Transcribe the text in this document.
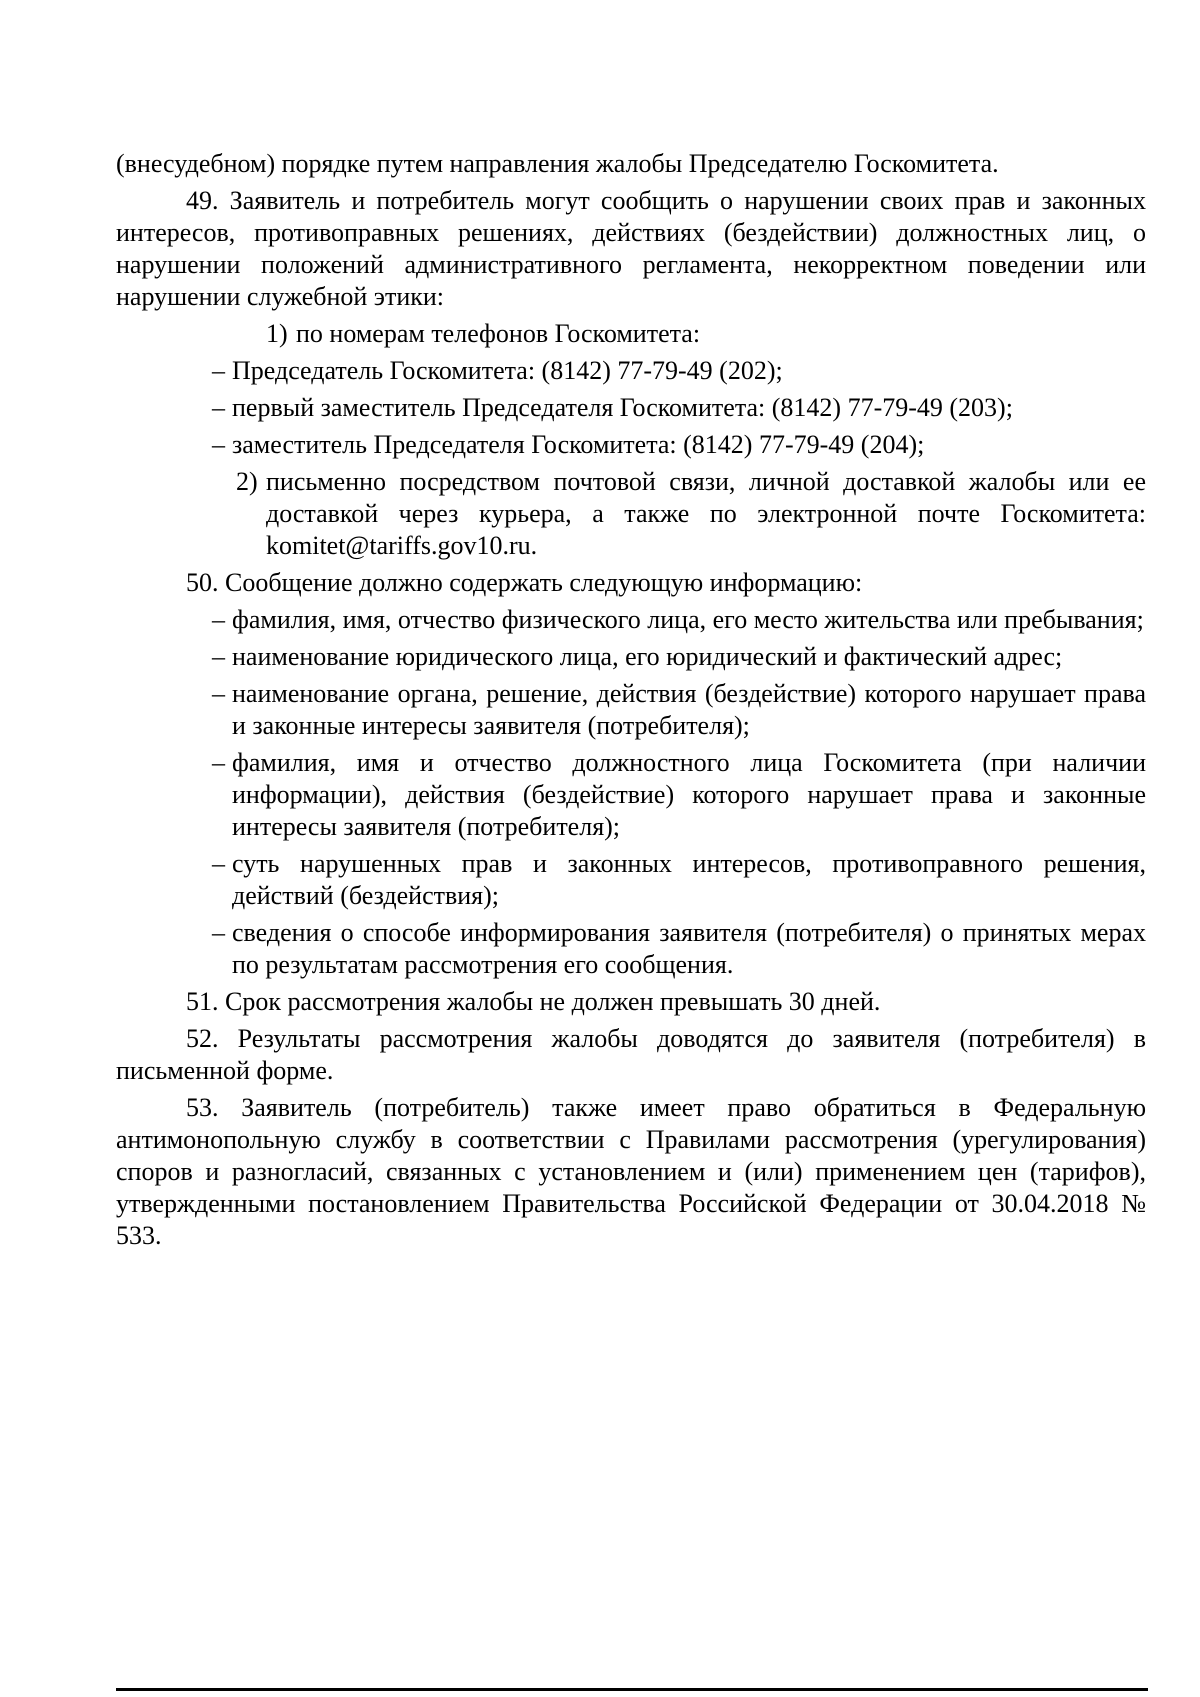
(внесудебном) порядке путем направления жалобы Председателю Госкомитета.

49. Заявитель и потребитель могут сообщить о нарушении своих прав и законных интересов, противоправных решениях, действиях (бездействии) должностных лиц, о нарушении положений административного регламента, некорректном поведении или нарушении служебной этики:

1) по номерам телефонов Госкомитета:
– Председатель Госкомитета: (8142) 77-79-49 (202);
– первый заместитель Председателя Госкомитета: (8142) 77-79-49 (203);
– заместитель Председателя Госкомитета: (8142) 77-79-49 (204);
2) письменно посредством почтовой связи, личной доставкой жалобы или ее доставкой через курьера, а также по электронной почте Госкомитета: komitet@tariffs.gov10.ru.

50. Сообщение должно содержать следующую информацию:

– фамилия, имя, отчество физического лица, его место жительства или пребывания;
– наименование юридического лица, его юридический и фактический адрес;
– наименование органа, решение, действия (бездействие) которого нарушает права и законные интересы заявителя (потребителя);
– фамилия, имя и отчество должностного лица Госкомитета (при наличии информации), действия (бездействие) которого нарушает права и законные интересы заявителя (потребителя);
– суть нарушенных прав и законных интересов, противоправного решения, действий (бездействия);
– сведения о способе информирования заявителя (потребителя) о принятых мерах по результатам рассмотрения его сообщения.

51. Срок рассмотрения жалобы не должен превышать 30 дней.

52. Результаты рассмотрения жалобы доводятся до заявителя (потребителя) в письменной форме.

53. Заявитель (потребитель) также имеет право обратиться в Федеральную антимонопольную службу в соответствии с Правилами рассмотрения (урегулирования) споров и разногласий, связанных с установлением и (или) применением цен (тарифов), утвержденными постановлением Правительства Российской Федерации от 30.04.2018 № 533.
